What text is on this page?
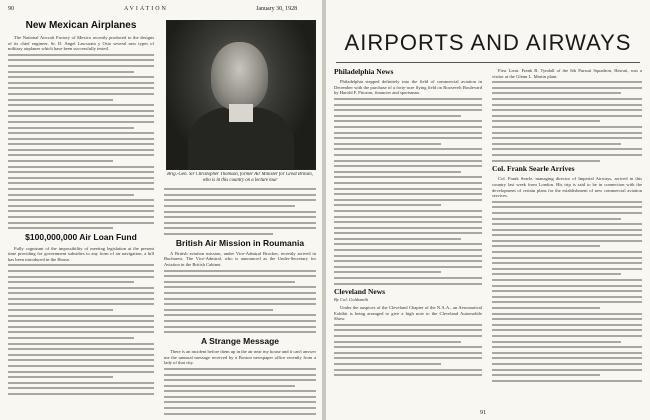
90	AVIATION	January 30, 1928
New Mexican Airplanes

The National Aircraft Factory of Mexico recently produced to the designs of its chief engineer, Sr. D. Angel Lascurain y Osio several new types of military airplanes which have been successfully tested.

$100,000,000 Air Loan Fund

Fully cognizant of the impossibility of meeting legislation at the present time providing for government subsidies to any form of air navigation, a bill has been introduced in the House.

Brig.-Gen. Sir Christopher Thomson, former Air Minister for Great Britain, who is in this country on a lecture tour
British Air Mission in Roumania

A British aviation mission, under Vice-Admiral Brocker, recently arrived in Bucharest. The Vice-Admiral, who is announced as the Under-Secretary for Aviation in the British Cabinet.

A Strange Message

There is an incident before them up in the air near my house and it can't answer me the unusual message received by a Boston newspaper office recently from a lady of that city.

AIRPORTS AND AIRWAYS
Philadelphia News

Philadelphia stepped definitely into the field of commercial aviation in December with the purchase of a forty-acre flying field on Roosevelt Boulevard by Harold F. Pitcairn, financier and sportsman.

Cleveland News
By Col. Goldsmith

Under the auspices of the Cleveland Chapter of the N.A.A., an Aeronautical Exhibit is being arranged to give a high note to the Cleveland Automobile Show.

First Lieut. Frank B. Tyndall of the 6th Pursuit Squadron, Hawaii, was a visitor at the Glenn L. Martin plant.

Col. Frank Searle Arrives

Col. Frank Searle, managing director of Imperial Airways, arrived in this country last week from London. His trip is said to be in connection with the development of certain plans for the establishment of new commercial aviation services.

91
